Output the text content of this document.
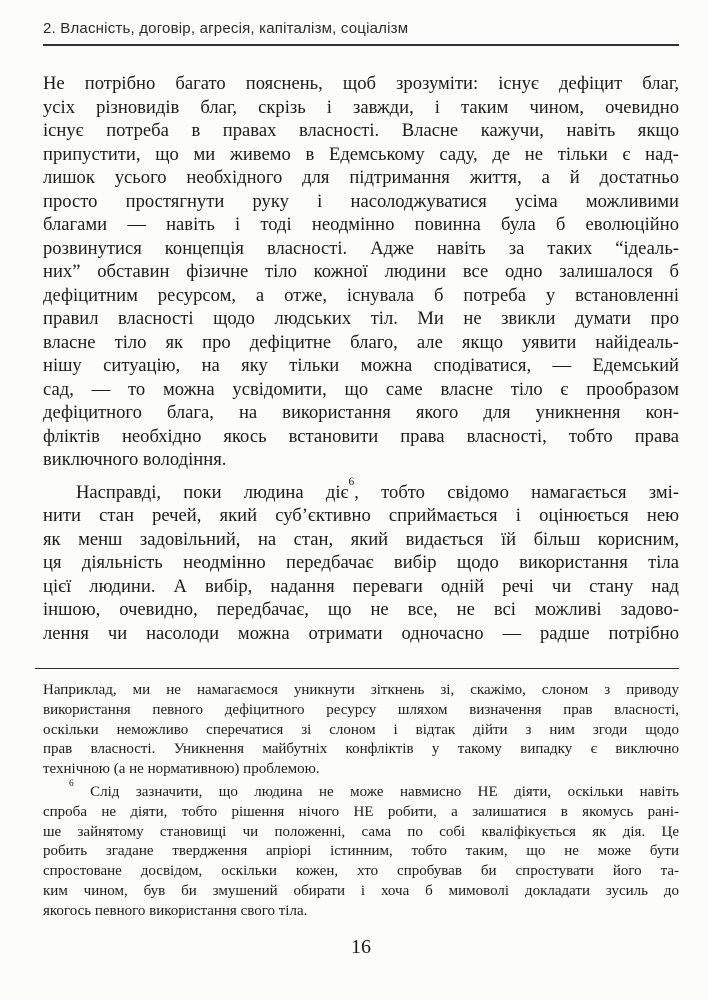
2. Власність, договір, агресія, капіталізм, соціалізм
Не потрібно багато пояснень, щоб зрозуміти: існує дефіцит благ,
усіх різновидів благ, скрізь і завжди, і таким чином, очевидно
існує потреба в правах власності. Власне кажучи, навіть якщо
припустити, що ми живемо в Едемському саду, де не тільки є над-
лишок усього необхідного для підтримання життя, а й достатньо
просто простягнути руку і насолоджуватися усіма можливими
благами — навіть і тоді неодмінно повинна була б еволюційно
розвинутися концепція власності. Адже навіть за таких “ідеаль-
них” обставин фізичне тіло кожної людини все одно залишалося б
дефіцитним ресурсом, а отже, існувала б потреба у встановленні
правил власності щодо людських тіл. Ми не звикли думати про
власне тіло як про дефіцитне благо, але якщо уявити найідеаль-
нішу ситуацію, на яку тільки можна сподіватися, — Едемський
сад, — то можна усвідомити, що саме власне тіло є прообразом
дефіцитного блага, на використання якого для уникнення кон-
фліктів необхідно якось встановити права власності, тобто права
виключного володіння.
Насправді, поки людина діє$^6$, тобто свідомо намагається змі-
нити стан речей, який суб’єктивно сприймається і оцінюється нею
як менш задовільний, на стан, який видається їй більш корисним,
ця діяльність неодмінно передбачає вибір щодо використання тіла
цієї людини. А вибір, надання переваги одній речі чи стану над
іншою, очевидно, передбачає, що не все, не всі можливі задово-
лення чи насолоди можна отримати одночасно — радше потрібно
Наприклад, ми не намагаємося уникнути зіткнень зі, скажімо, слоном з приводу
використання певного дефіцитного ресурсу шляхом визначення прав власності,
оскільки неможливо сперечатися зі слоном і відтак дійти з ним згоди щодо
прав власності. Уникнення майбутніх конфліктів у такому випадку є виключно
технічною (а не нормативною) проблемою.
$^6$ Слід зазначити, що людина не може навмисно НЕ діяти, оскільки навіть
спроба не діяти, тобто рішення нічого НЕ робити, а залишатися в якомусь рані-
ше зайнятому становищі чи положенні, сама по собі кваліфікується як дія. Це
робить згадане твердження апріорі істинним, тобто таким, що не може бути
спростоване досвідом, оскільки кожен, хто спробував би спростувати його та-
ким чином, був би змушений обирати і хоча б мимоволі докладати зусиль до
якогось певного використання свого тіла.
16
